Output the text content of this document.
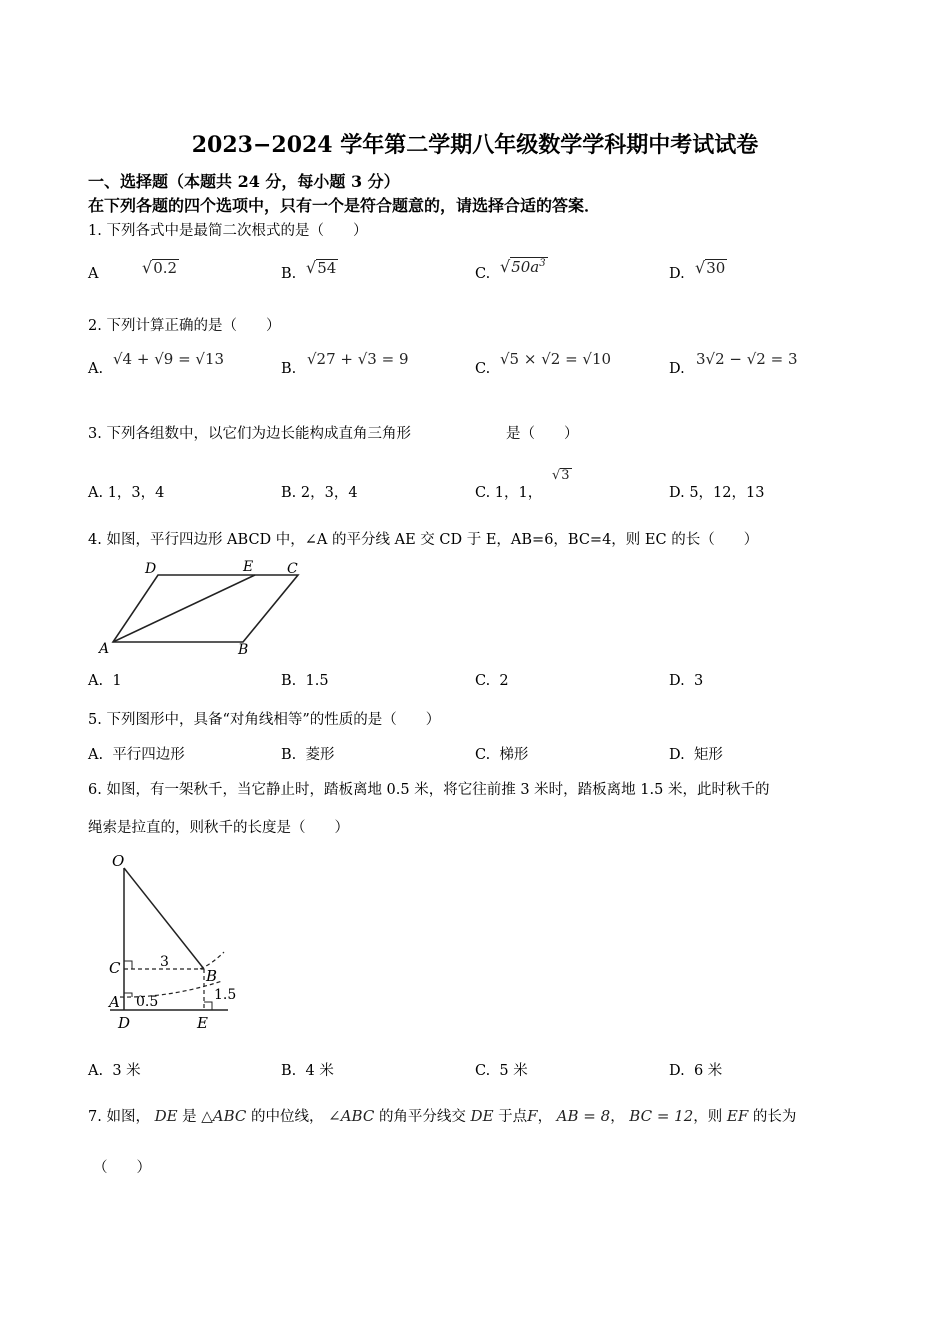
2023−2024 学年第二学期八年级数学学科期中考试试卷
一、选择题（本题共 24 分，每小题 3 分）
在下列各题的四个选项中，只有一个是符合题意的，请选择合适的答案．
1. 下列各式中是最简二次根式的是（　　）
A	√0.2	B. √54	C. $√50a^3$
D. √30
2. 下列计算正确的是（　　）
A.
√4 + √9 = √13
B.
√27 + √3 = 9
C.
√5 × √2 = √10
D.
3√2 − √2 = 3
3. 下列各组数中，以它们为边长能构成直角三角形	是（　　）
A. 1，3，4	B. 2，3，4	C. 1，1，
√3
D. 5，12，13
4. 如图，平行四边形 ABCD 中，∠A 的平分线 AE 交 CD 于 E，AB=6，BC=4，则 EC 的长（　　）
D	E C
A	B
A. 1	B. 1.5	C. 2	D. 3
5. 下列图形中，具备“对角线相等”的性质的是（　　）
A. 平行四边形	B. 菱形	C. 梯形	D. 矩形
6. 如图，有一架秋千，当它静止时，踏板离地 0.5 米，将它往前推 3 米时，踏板离地 1.5 米，此时秋千的
绳索是拉直的，则秋千的长度是（　　）
O
C
A
D	E
B
3
0.5	1.5
A. 3 米	B. 4 米	C. 5 米	D. 6 米
7. 如图， DE 是 △ABC 的中位线， ∠ABC 的角平分线交 DE 于点F， AB = 8， BC = 12，则 EF 的长为
（　　）
